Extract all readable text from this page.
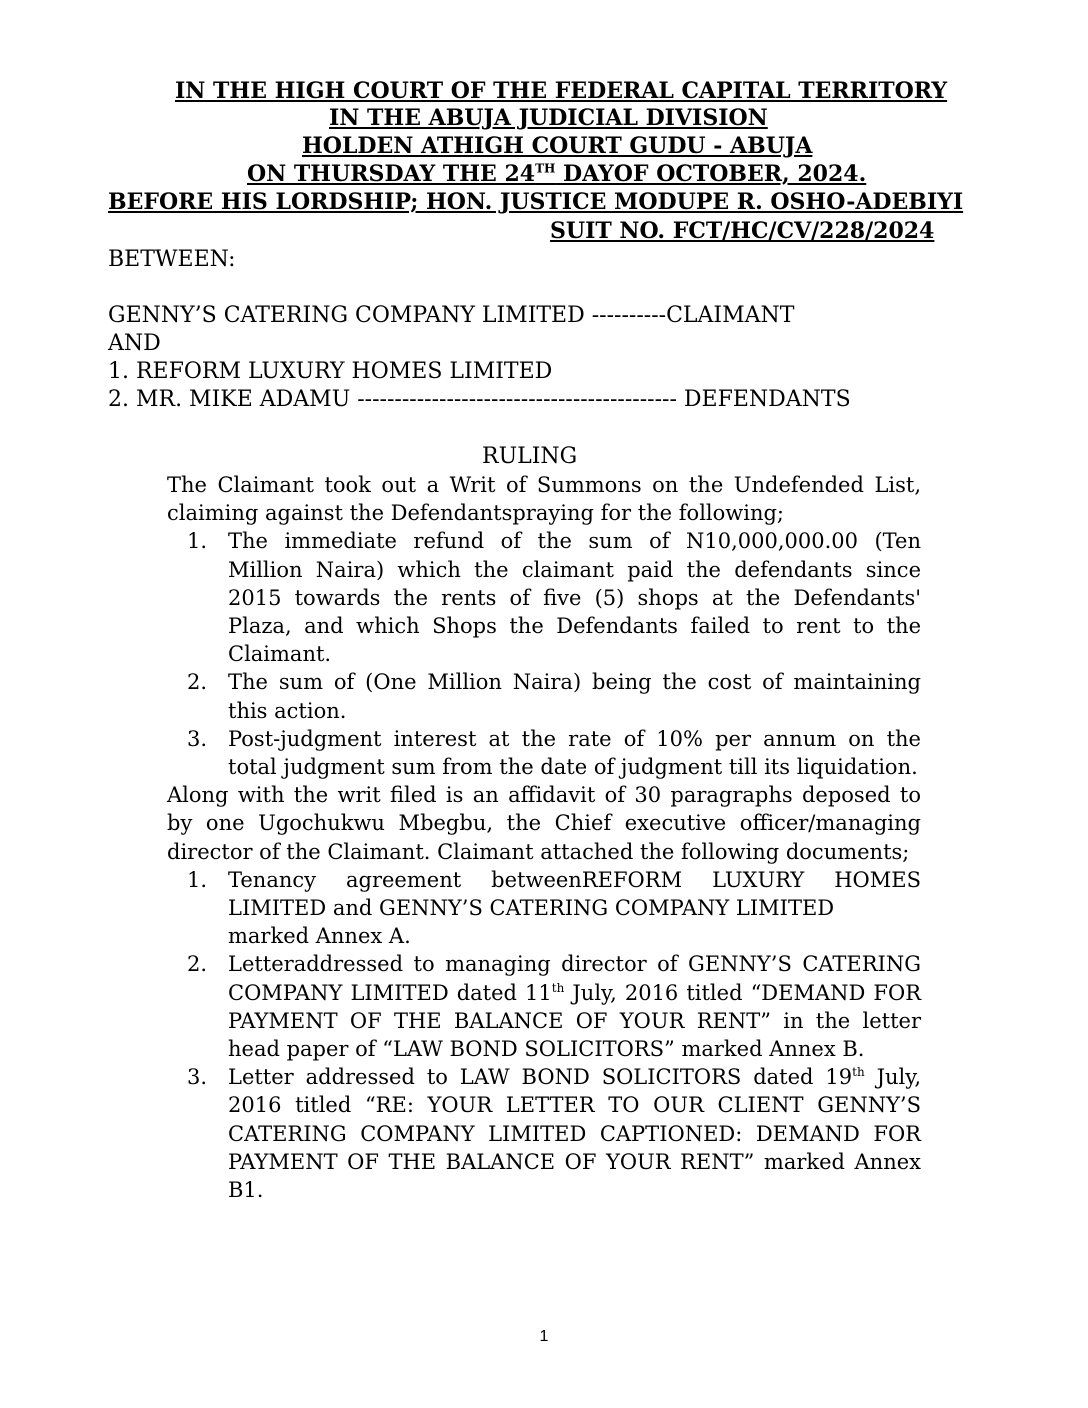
IN THE HIGH COURT OF THE FEDERAL CAPITAL TERRITORY
IN THE ABUJA JUDICIAL DIVISION
HOLDEN ATHIGH COURT GUDU - ABUJA
ON THURSDAY THE 24TH DAYOF OCTOBER, 2024.
BEFORE HIS LORDSHIP; HON. JUSTICE MODUPE R. OSHO-ADEBIYI
SUIT NO. FCT/HC/CV/228/2024
BETWEEN:
GENNY’S CATERING COMPANY LIMITED ----------CLAIMANT
AND
1. REFORM LUXURY HOMES LIMITED
2. MR. MIKE ADAMU ------------------------------------------- DEFENDANTS
RULING

The Claimant took out a Writ of Summons on the Undefended List, claiming against the Defendantspraying for the following;

1. The immediate refund of the sum of N10,000,000.00 (Ten Million Naira) which the claimant paid the defendants since 2015 towards the rents of five (5) shops at the Defendants' Plaza, and which Shops the Defendants failed to rent to the Claimant.
2. The sum of (One Million Naira) being the cost of maintaining this action.
3. Post-judgment interest at the rate of 10% per annum on the total judgment sum from the date of judgment till its liquidation.

Along with the writ filed is an affidavit of 30 paragraphs deposed to by one Ugochukwu Mbegbu, the Chief executive officer/managing director of the Claimant. Claimant attached the following documents;

1. Tenancy agreement betweenREFORM LUXURY HOMES LIMITED and GENNY’S CATERING COMPANY LIMITED
marked Annex A.
2. Letteraddressed to managing director of GENNY’S CATERING COMPANY LIMITED dated 11th July, 2016 titled “DEMAND FOR PAYMENT OF THE BALANCE OF YOUR RENT” in the letter head paper of “LAW BOND SOLICITORS” marked Annex B.
3. Letter addressed to LAW BOND SOLICITORS dated 19th July, 2016 titled “RE: YOUR LETTER TO OUR CLIENT GENNY’S CATERING COMPANY LIMITED CAPTIONED: DEMAND FOR PAYMENT OF THE BALANCE OF YOUR RENT” marked Annex B1.
1
